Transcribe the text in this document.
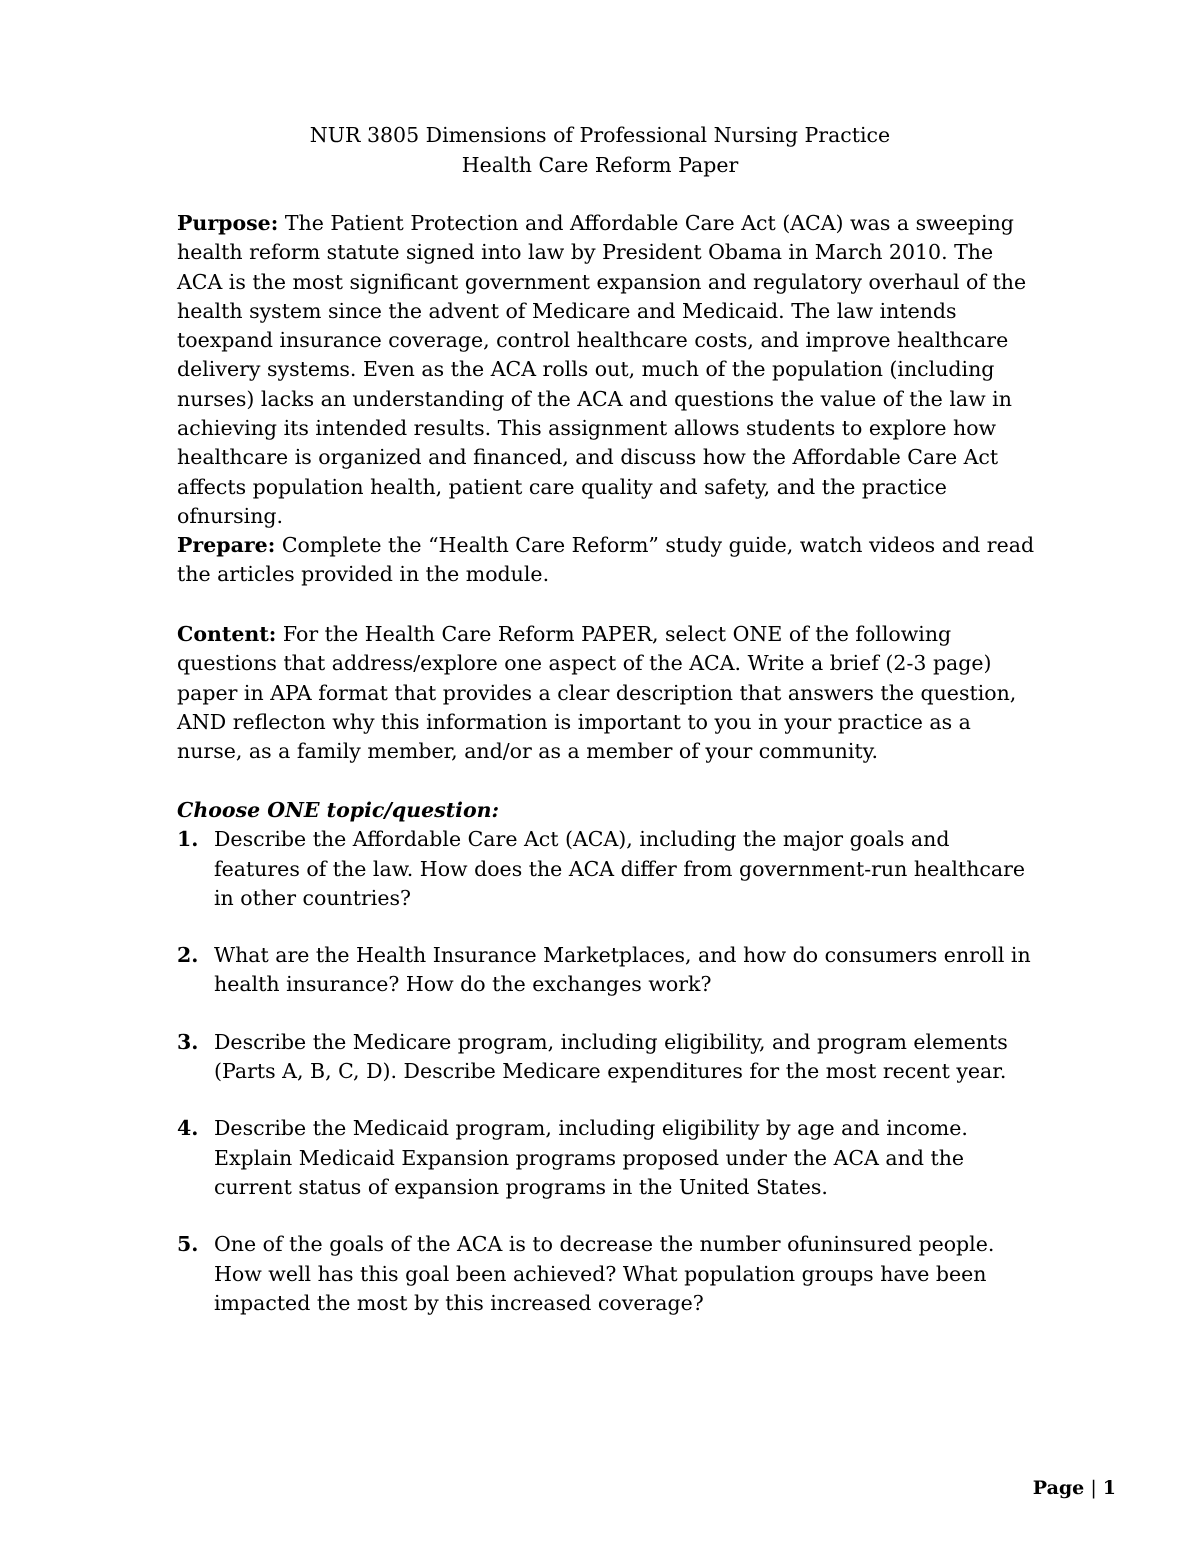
NUR 3805 Dimensions of Professional Nursing Practice
Health Care Reform Paper
Purpose: The Patient Protection and Affordable Care Act (ACA) was a sweeping health reform statute signed into law by President Obama in March 2010. The ACA is the most significant government expansion and regulatory overhaul of the health system since the advent of Medicare and Medicaid. The law intends toexpand insurance coverage, control healthcare costs, and improve healthcare delivery systems. Even as the ACA rolls out, much of the population (including nurses) lacks an understanding of the ACA and questions the value of the law in achieving its intended results. This assignment allows students to explore how healthcare is organized and financed, and discuss how the Affordable Care Act affects population health, patient care quality and safety, and the practice ofnursing.
Prepare: Complete the “Health Care Reform” study guide, watch videos and read the articles provided in the module.
Content: For the Health Care Reform PAPER, select ONE of the following questions that address/explore one aspect of the ACA. Write a brief (2-3 page) paper in APA format that provides a clear description that answers the question, AND reflecton why this information is important to you in your practice as a nurse, as a family member, and/or as a member of your community.
Choose ONE topic/question:
1. Describe the Affordable Care Act (ACA), including the major goals and features of the law. How does the ACA differ from government-run healthcare in other countries?
2. What are the Health Insurance Marketplaces, and how do consumers enroll in health insurance? How do the exchanges work?
3. Describe the Medicare program, including eligibility, and program elements (Parts A, B, C, D). Describe Medicare expenditures for the most recent year.
4. Describe the Medicaid program, including eligibility by age and income. Explain Medicaid Expansion programs proposed under the ACA and the current status of expansion programs in the United States.
5. One of the goals of the ACA is to decrease the number ofuninsured people. How well has this goal been achieved? What population groups have been impacted the most by this increased coverage?
Page | 1
